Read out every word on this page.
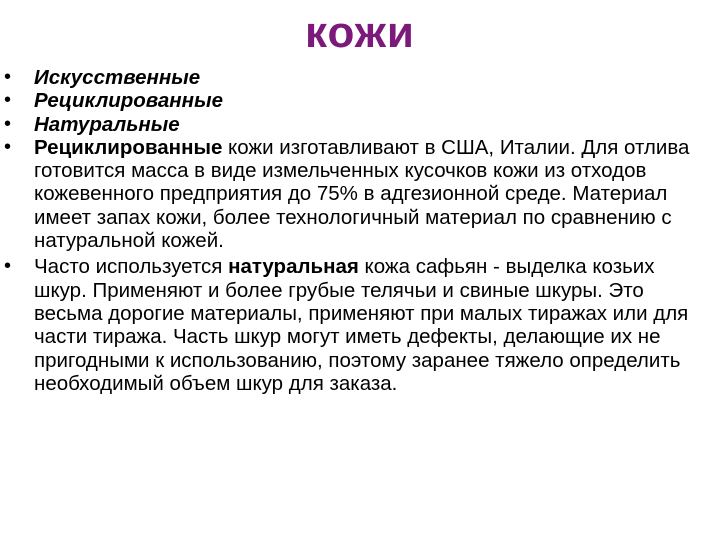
кожи
•	Искусственные
•	Рециклированные
•	Натуральные
•	Рециклированные кожи изготавливают в США, Италии. Для отлива готовится масса в виде измельченных кусочков кожи из отходов кожевенного предприятия до 75% в адгезионной среде. Материал имеет запах кожи, более технологичный материал по сравнению с натуральной кожей.
•	Часто используется натуральная кожа сафьян - выделка козьих шкур. Применяют и более грубые телячьи и свиные шкуры. Это весьма дорогие материалы, применяют при малых тиражах или для части тиража. Часть шкур могут иметь дефекты, делающие их не пригодными к использованию, поэтому заранее тяжело определить необходимый объем шкур для заказа.
